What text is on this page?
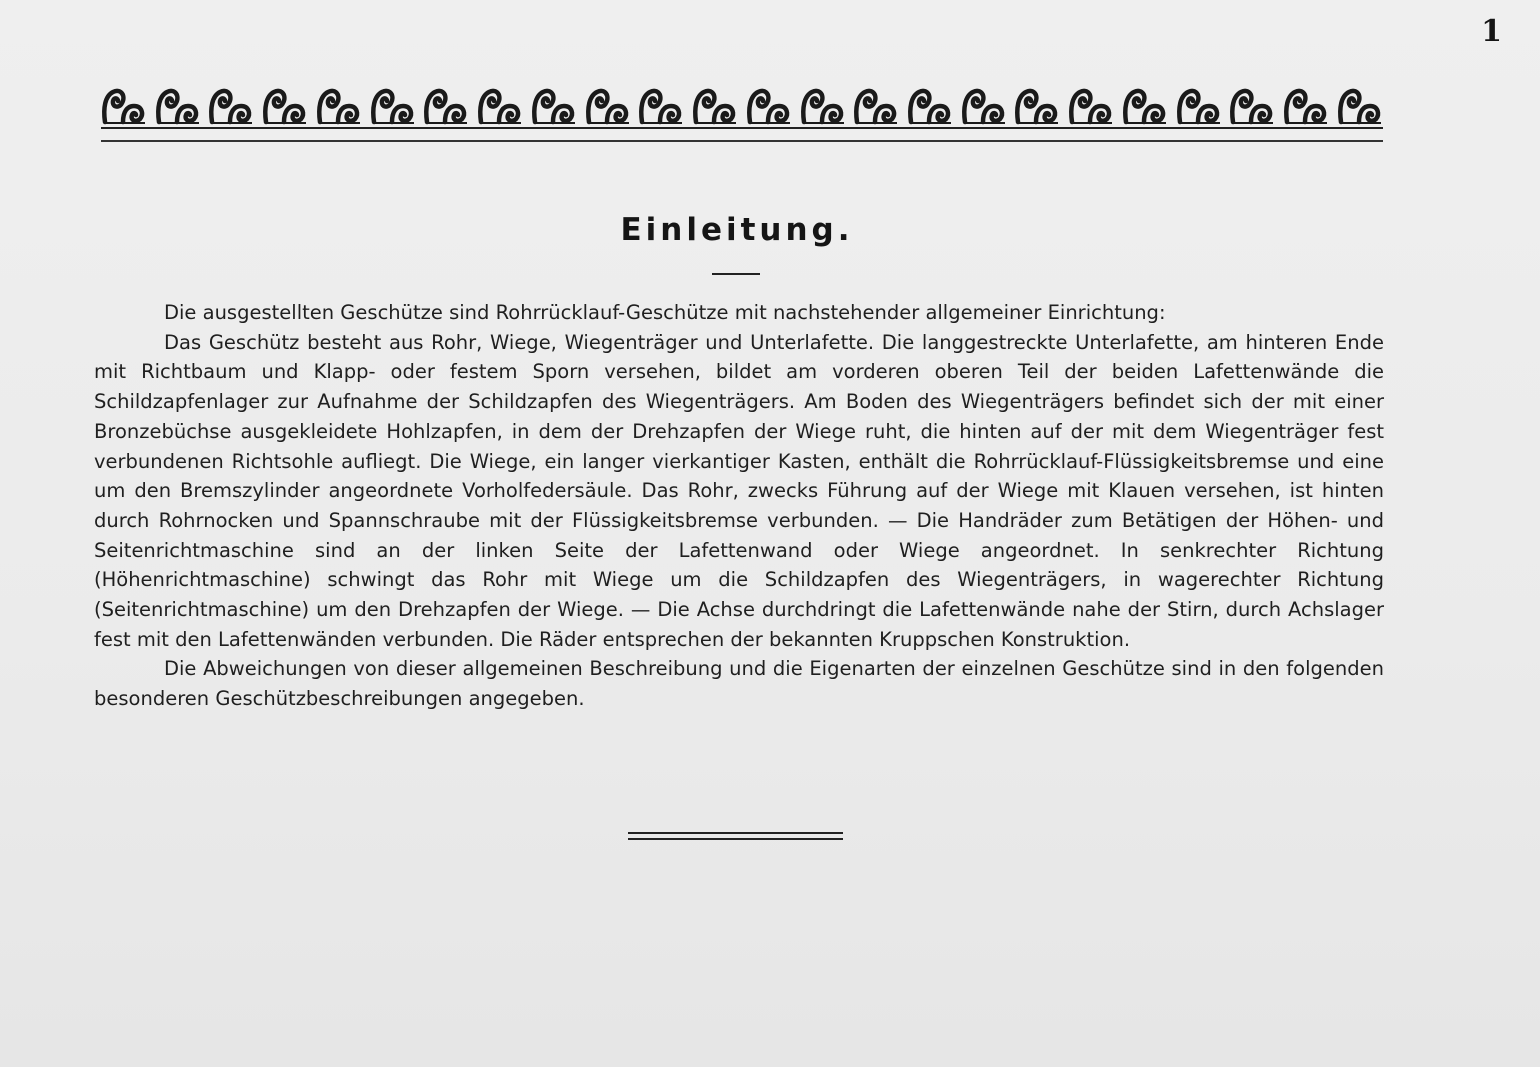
1
Einleitung.

Die ausgestellten Geschütze sind Rohrrücklauf-Geschütze mit nachstehender allgemeiner Einrichtung:

Das Geschütz besteht aus Rohr, Wiege, Wiegenträger und Unterlafette. Die langgestreckte Unterlafette, am hinteren Ende mit Richtbaum und Klapp- oder festem Sporn versehen, bildet am vorderen oberen Teil der beiden Lafettenwände die Schildzapfenlager zur Aufnahme der Schildzapfen des Wiegenträgers. Am Boden des Wiegenträgers befindet sich der mit einer Bronzebüchse ausgekleidete Hohlzapfen, in dem der Drehzapfen der Wiege ruht, die hinten auf der mit dem Wiegenträger fest verbundenen Richtsohle aufliegt. Die Wiege, ein langer vierkantiger Kasten, enthält die Rohrrücklauf-Flüssigkeitsbremse und eine um den Bremszylinder angeordnete Vorholfedersäule. Das Rohr, zwecks Führung auf der Wiege mit Klauen versehen, ist hinten durch Rohrnocken und Spannschraube mit der Flüssigkeitsbremse verbunden. — Die Handräder zum Betätigen der Höhen- und Seitenrichtmaschine sind an der linken Seite der Lafettenwand oder Wiege angeordnet. In senkrechter Richtung (Höhenrichtmaschine) schwingt das Rohr mit Wiege um die Schildzapfen des Wiegenträgers, in wagerechter Richtung (Seitenrichtmaschine) um den Drehzapfen der Wiege. — Die Achse durchdringt die Lafettenwände nahe der Stirn, durch Achslager fest mit den Lafettenwänden verbunden. Die Räder entsprechen der bekannten Kruppschen Konstruktion.

Die Abweichungen von dieser allgemeinen Beschreibung und die Eigenarten der einzelnen Geschütze sind in den folgenden besonderen Geschützbeschreibungen angegeben.
